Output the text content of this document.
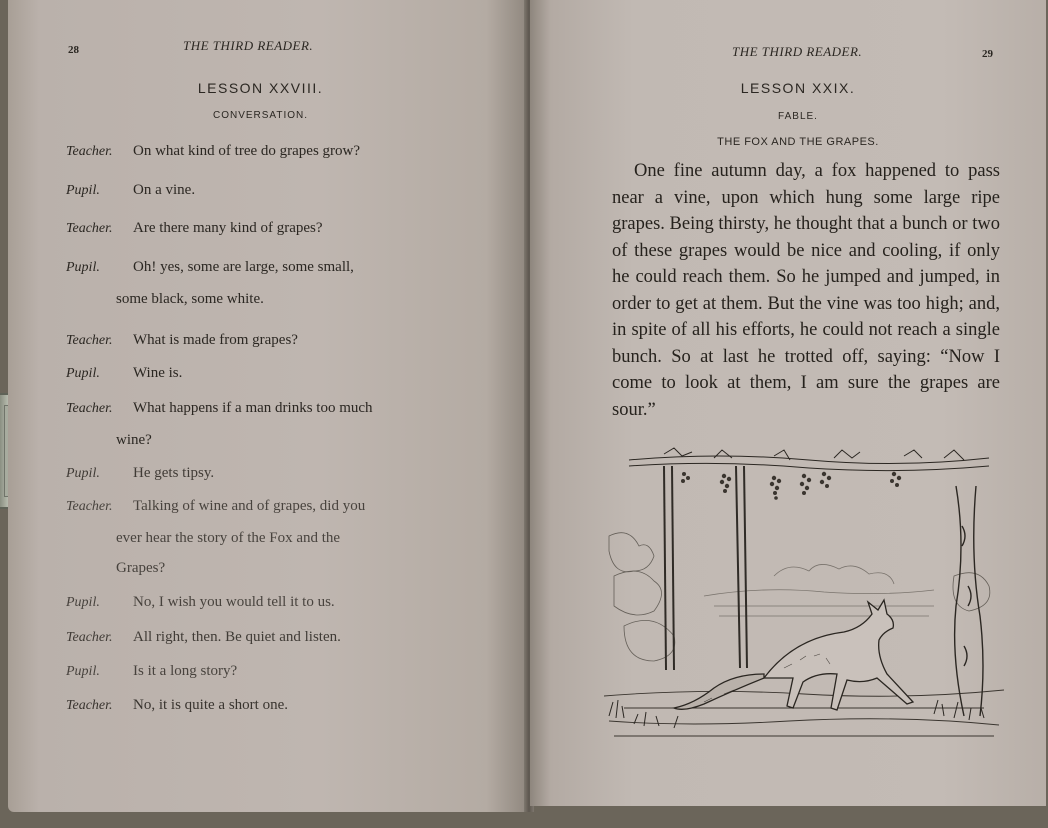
28	THE THIRD READER.
LESSON XXVIII.
CONVERSATION.
Teacher. On what kind of tree do grapes grow?
Pupil. On a vine.
Teacher. Are there many kind of grapes?
Pupil. Oh! yes, some are large, some small,
some black, some white.
Teacher. What is made from grapes?
Pupil. Wine is.
Teacher. What happens if a man drinks too much
wine?
Pupil. He gets tipsy.
Teacher. Talking of wine and of grapes, did you
ever hear the story of the Fox and the
Grapes?
Pupil. No, I wish you would tell it to us.
Teacher. All right, then. Be quiet and listen.
Pupil. Is it a long story?
Teacher. No, it is quite a short one.
THE THIRD READER.	29
LESSON XXIX.
FABLE.
THE FOX AND THE GRAPES.

One fine autumn day, a fox happened to pass near a vine, upon which hung some large ripe grapes. Being thirsty, he thought that a bunch or two of these grapes would be nice and cooling, if only he could reach them. So he jumped and jumped, in order to get at them. But the vine was too high; and, in spite of all his efforts, he could not reach a single bunch. So at last he trotted off, saying: “Now I come to look at them, I am sure the grapes are sour.”
